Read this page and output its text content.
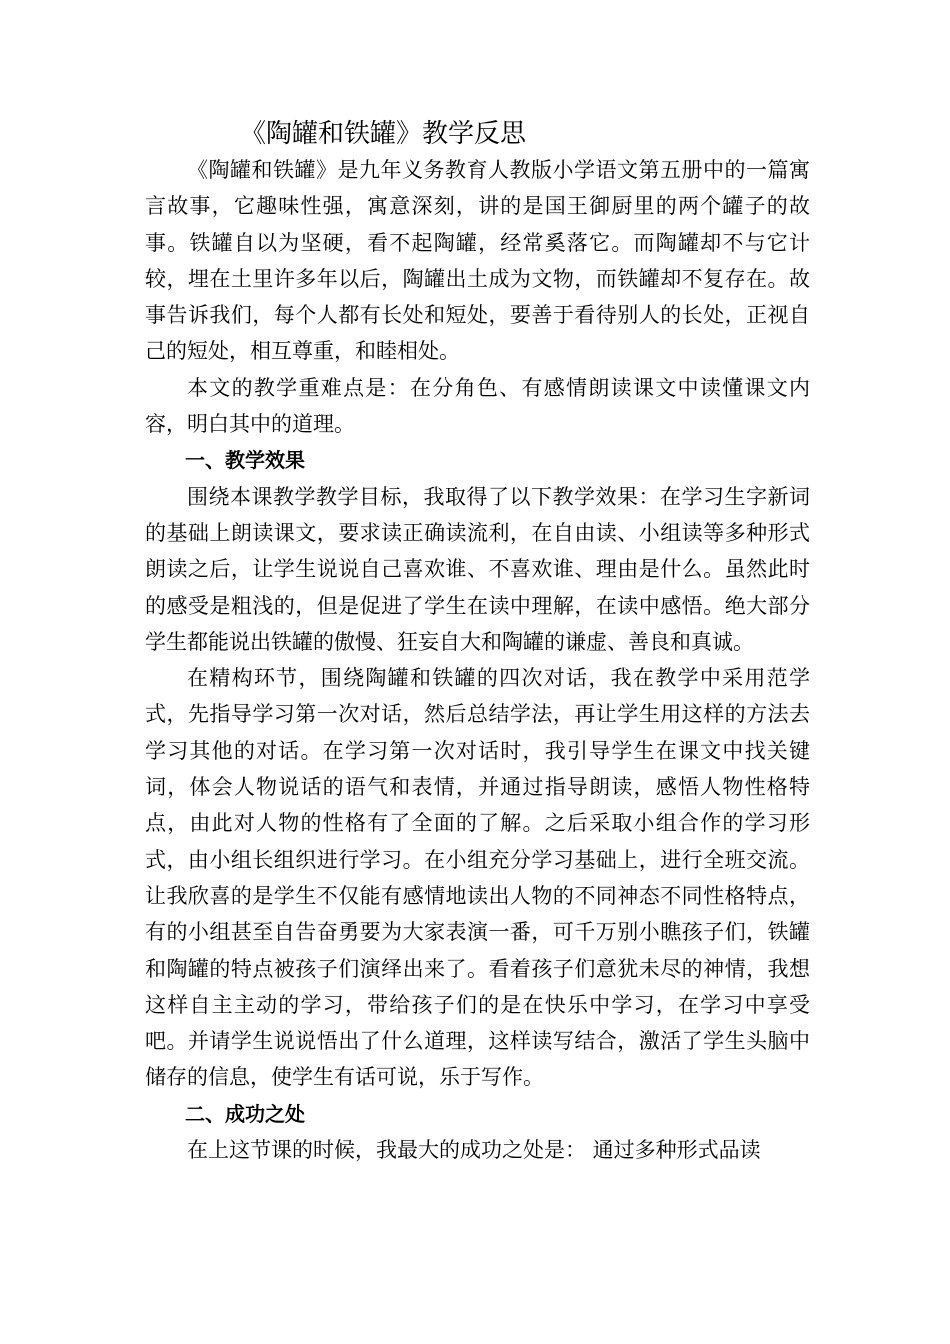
《陶罐和铁罐》教学反思

《陶罐和铁罐》是九年义务教育人教版小学语文第五册中的一篇寓言故事，它趣味性强，寓意深刻，讲的是国王御厨里的两个罐子的故事。铁罐自以为坚硬，看不起陶罐，经常奚落它。而陶罐却不与它计较，埋在土里许多年以后，陶罐出土成为文物，而铁罐却不复存在。故事告诉我们，每个人都有长处和短处，要善于看待别人的长处，正视自己的短处，相互尊重，和睦相处。

本文的教学重难点是：在分角色、有感情朗读课文中读懂课文内容，明白其中的道理。

一、教学效果

围绕本课教学教学目标，我取得了以下教学效果：在学习生字新词的基础上朗读课文，要求读正确读流利，在自由读、小组读等多种形式朗读之后，让学生说说自己喜欢谁、不喜欢谁、理由是什么。虽然此时的感受是粗浅的，但是促进了学生在读中理解，在读中感悟。绝大部分学生都能说出铁罐的傲慢、狂妄自大和陶罐的谦虚、善良和真诚。

在精构环节，围绕陶罐和铁罐的四次对话，我在教学中采用范学式，先指导学习第一次对话，然后总结学法，再让学生用这样的方法去学习其他的对话。在学习第一次对话时，我引导学生在课文中找关键词，体会人物说话的语气和表情，并通过指导朗读，感悟人物性格特点，由此对人物的性格有了全面的了解。之后采取小组合作的学习形式，由小组长组织进行学习。在小组充分学习基础上，进行全班交流。让我欣喜的是学生不仅能有感情地读出人物的不同神态不同性格特点，有的小组甚至自告奋勇要为大家表演一番，可千万别小瞧孩子们，铁罐和陶罐的特点被孩子们演绎出来了。看着孩子们意犹未尽的神情，我想这样自主主动的学习，带给孩子们的是在快乐中学习，在学习中享受吧。并请学生说说悟出了什么道理，这样读写结合，激活了学生头脑中储存的信息，使学生有话可说，乐于写作。

二、成功之处

在上这节课的时候，我最大的成功之处是： 通过多种形式品读
